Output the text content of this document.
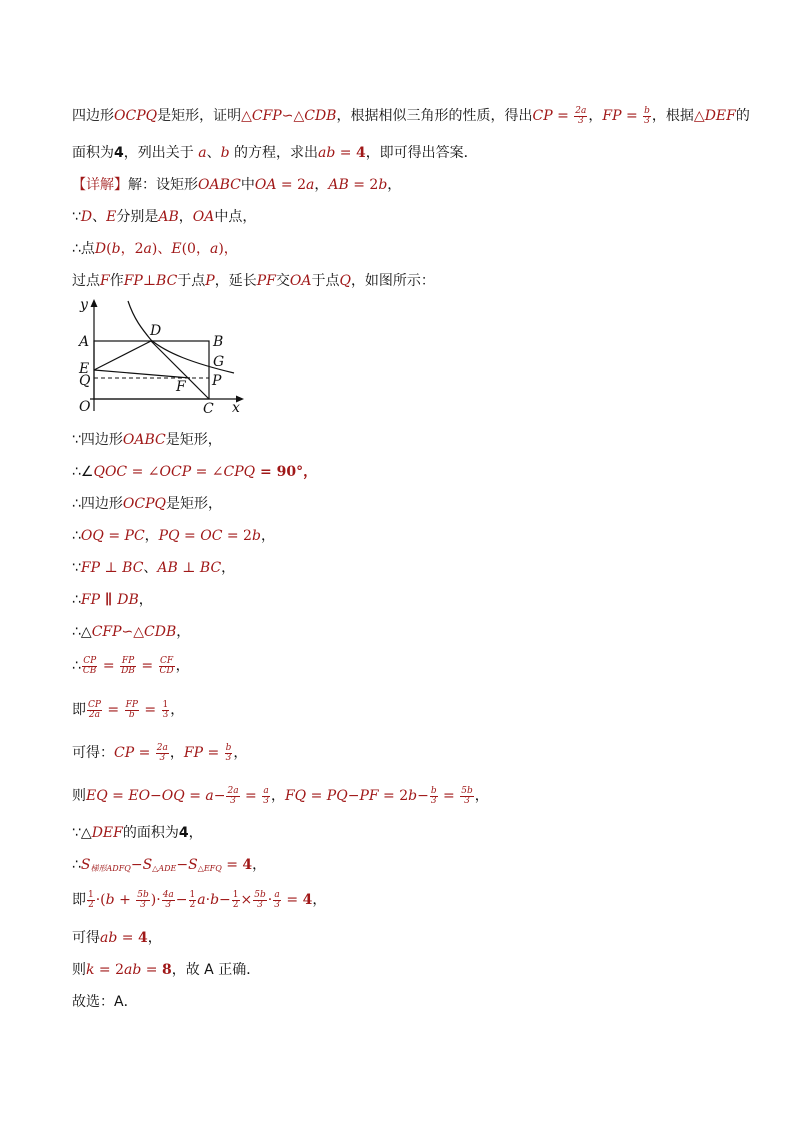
四边形OCPQ是矩形，证明△CFP∽△CDB，根据相似三角形的性质，得出CP = $\frac{2a}{3}$ ，FP = $\frac{b}{3}$ ，根据△DEF的
面积为4，列出关于 a、b 的方程，求出ab = 4，即可得出答案．
【详解】解：设矩形OABC中OA = 2a，AB = 2b，
∵D、E分别是AB，OA中点，
∴点D(b，2a)、E(0，a)，
过点F作FP⊥BC于点P，延长PF交OA于点Q，如图所示：
y
A
E
Q
O
D
B
G
P
F
C x
∵四边形OABC是矩形，
∴∠QOC = ∠OCP = ∠CPQ = 90°，
∴四边形OCPQ是矩形，
∴OQ = PC，PQ = OC = 2b，
∵FP ⊥ BC、AB ⊥ BC，
∴FP ∥ DB，
∴△CFP∽△CDB，
∴ $\frac{CP}{CB} = \frac{FP}{DB} = \frac{CF}{CD}$ ，
即 $\frac{CP}{2a} = \frac{FP}{b} = \frac{1}{3}$ ，
可得：CP = $\frac{2a}{3}$ ，FP = $\frac{b}{3}$ ，
则EQ = $EO-OQ = a- \frac{2a}{3} = \frac{a}{3}$ ，FQ = $PQ-PF = 2b- \frac{b}{3} = \frac{5b}{3}$ ，
∵△DEF的面积为4，
$\therefore S_{梯形ADFQ}-S_{\triangle ADE}-S_{\triangle EFQ} = 4$，
即 $\frac{1}{2} \cdot(b + \frac{5b}{3}$ )· $\frac{4a}{3} - \frac{1}{2} a\cdot b- \frac{1}{2} \times \frac{5b}{3} \cdot \frac{a}{3} = 4$，
可得ab = 4，
则k = 2ab = 8，故 A 正确．
故选：A．
